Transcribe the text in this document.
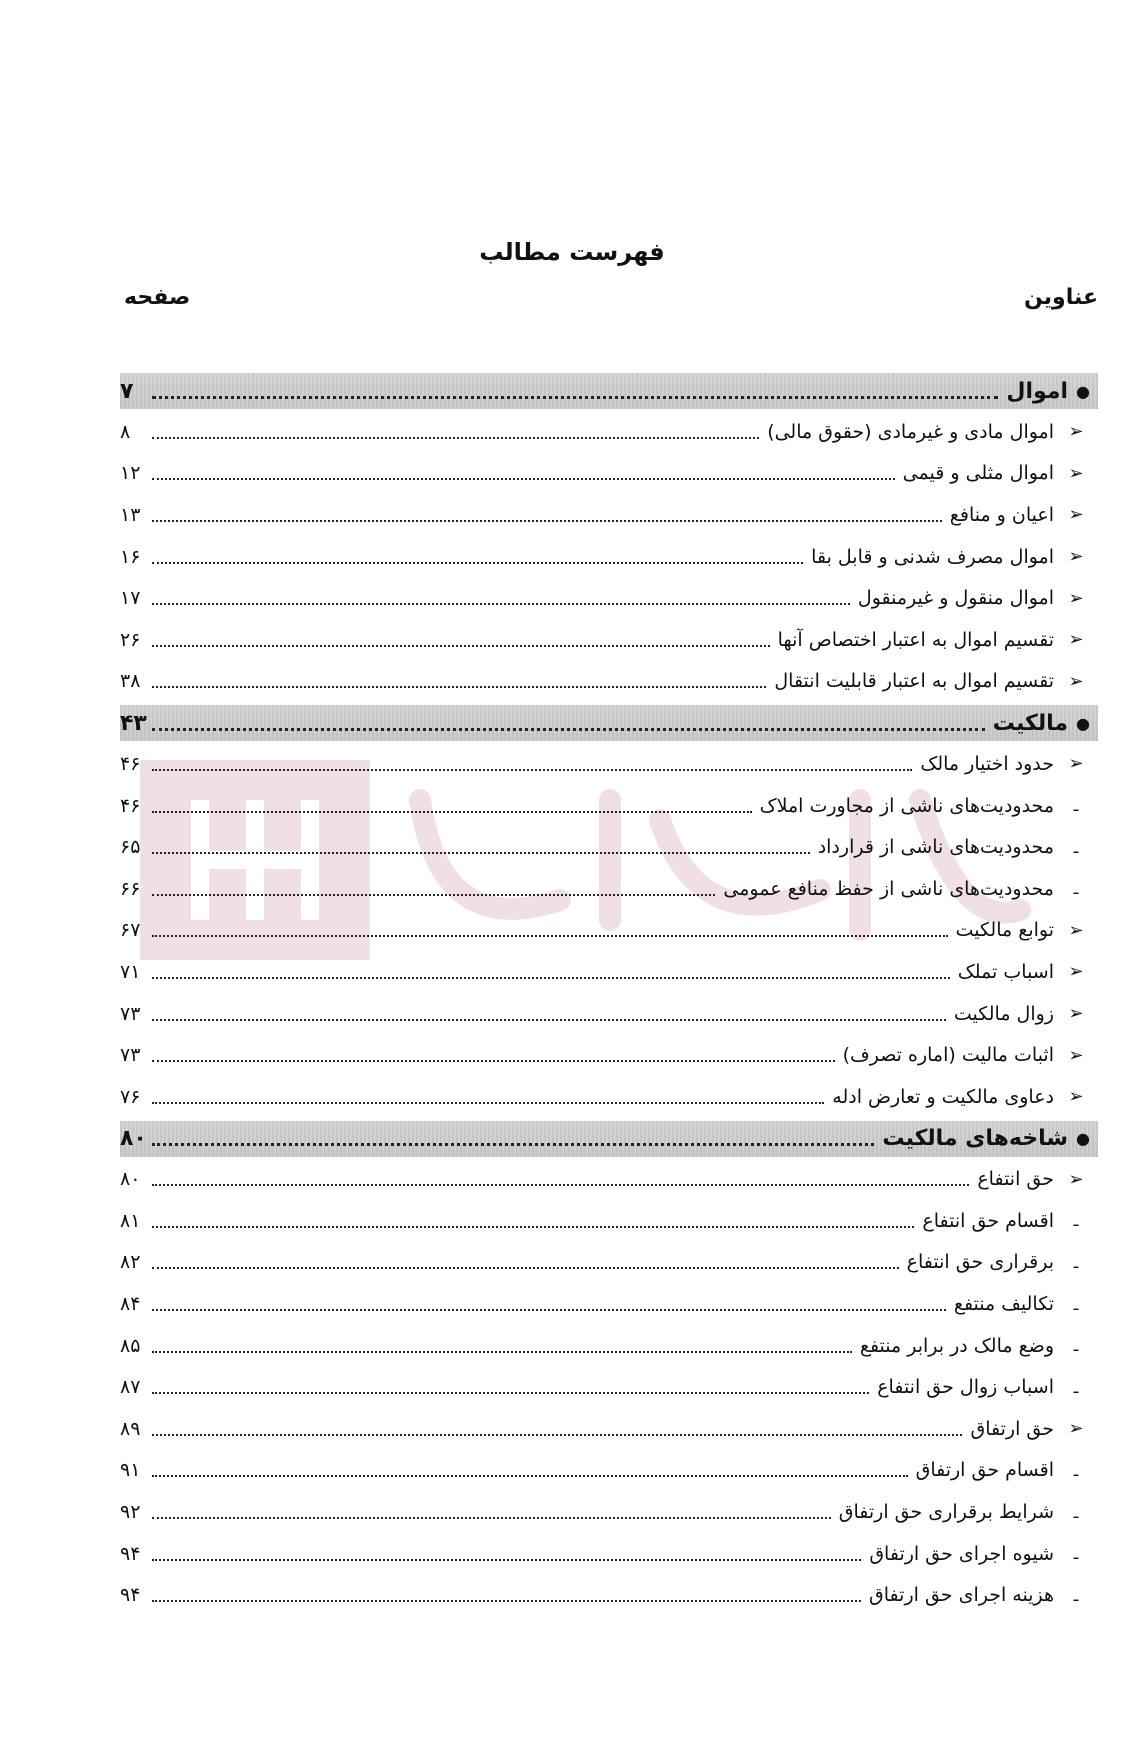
فهرست مطالب
عناوین
صفحه
●
اموال
۷
➢
اموال مادی و غیرمادی (حقوق مالی)
۸
➢
اموال مثلی و قیمی
۱۲
➢
اعیان و منافع
۱۳
➢
اموال مصرف شدنی و قابل بقا
۱۶
➢
اموال منقول و غیرمنقول
۱۷
➢
تقسیم اموال به اعتبار اختصاص آنها
۲۶
➢
تقسیم اموال به اعتبار قابلیت انتقال
۳۸
●
مالکیت
۴۳
➢
حدود اختیار مالک
۴۶
ـ
محدودیت‌های ناشی از مجاورت املاک
۴۶
ـ
محدودیت‌های ناشی از قرارداد
۶۵
ـ
محدودیت‌های ناشی از حفظ منافع عمومی
۶۶
➢
توابع مالکیت
۶۷
➢
اسباب تملک
۷۱
➢
زوال مالکیت
۷۳
➢
اثبات مالیت (اماره تصرف)
۷۳
➢
دعاوی مالکیت و تعارض ادله
۷۶
●
شاخه‌های مالکیت
۸۰
➢
حق انتفاع
۸۰
ـ
اقسام حق انتفاع
۸۱
ـ
برقراری حق انتفاع
۸۲
ـ
تکالیف منتفع
۸۴
ـ
وضع مالک در برابر منتفع
۸۵
ـ
اسباب زوال حق انتفاع
۸۷
➢
حق ارتفاق
۸۹
ـ
اقسام حق ارتفاق
۹۱
ـ
شرایط برقراری حق ارتفاق
۹۲
ـ
شیوه اجرای حق ارتفاق
۹۴
ـ
هزینه اجرای حق ارتفاق
۹۴
